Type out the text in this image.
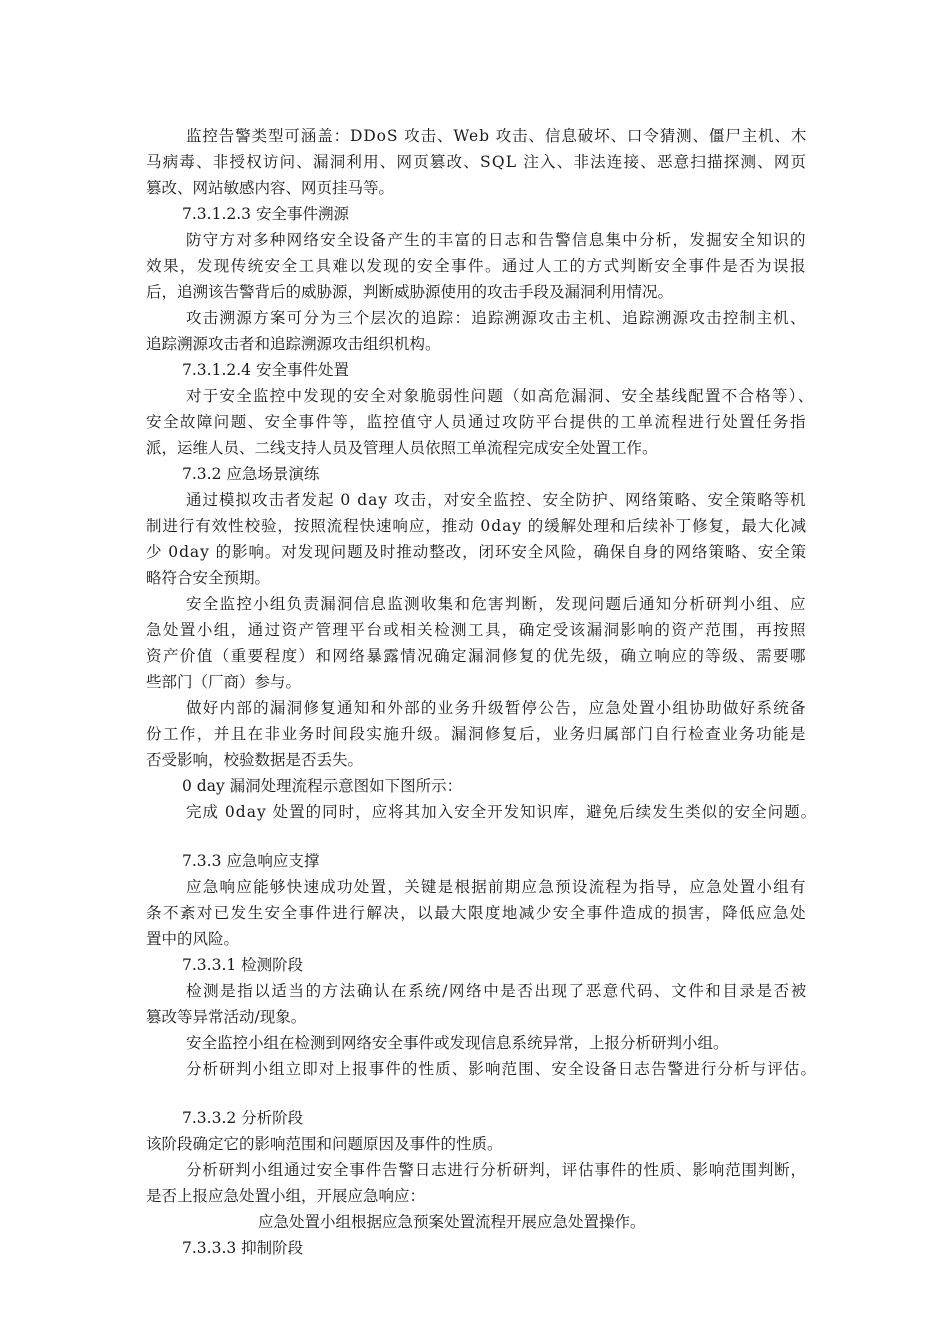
监控告警类型可涵盖：DDoS 攻击、Web 攻击、信息破坏、口令猜测、僵尸主机、木
马病毒、非授权访问、漏洞利用、网页篡改、SQL 注入、非法连接、恶意扫描探测、网页
篡改、网站敏感内容、网页挂马等。
7.3.1.2.3 安全事件溯源
防守方对多种网络安全设备产生的丰富的日志和告警信息集中分析，发掘安全知识的
效果，发现传统安全工具难以发现的安全事件。通过人工的方式判断安全事件是否为误报
后，追溯该告警背后的威胁源，判断威胁源使用的攻击手段及漏洞利用情况。
攻击溯源方案可分为三个层次的追踪：追踪溯源攻击主机、追踪溯源攻击控制主机、
追踪溯源攻击者和追踪溯源攻击组织机构。
7.3.1.2.4 安全事件处置
对于安全监控中发现的安全对象脆弱性问题（如高危漏洞、安全基线配置不合格等）、
安全故障问题、安全事件等，监控值守人员通过攻防平台提供的工单流程进行处置任务指
派，运维人员、二线支持人员及管理人员依照工单流程完成安全处置工作。
7.3.2 应急场景演练
通过模拟攻击者发起 0 day 攻击，对安全监控、安全防护、网络策略、安全策略等机
制进行有效性校验，按照流程快速响应，推动 0day 的缓解处理和后续补丁修复，最大化减
少 0day 的影响。对发现问题及时推动整改，闭环安全风险，确保自身的网络策略、安全策
略符合安全预期。
安全监控小组负责漏洞信息监测收集和危害判断，发现问题后通知分析研判小组、应
急处置小组，通过资产管理平台或相关检测工具，确定受该漏洞影响的资产范围，再按照
资产价值（重要程度）和网络暴露情况确定漏洞修复的优先级，确立响应的等级、需要哪
些部门（厂商）参与。
做好内部的漏洞修复通知和外部的业务升级暂停公告，应急处置小组协助做好系统备
份工作，并且在非业务时间段实施升级。漏洞修复后，业务归属部门自行检查业务功能是
否受影响，校验数据是否丢失。
0 day 漏洞处理流程示意图如下图所示：
完成 0day 处置的同时，应将其加入安全开发知识库，避免后续发生类似的安全问题。
7.3.3 应急响应支撑
应急响应能够快速成功处置，关键是根据前期应急预设流程为指导，应急处置小组有
条不紊对已发生安全事件进行解决，以最大限度地减少安全事件造成的损害，降低应急处
置中的风险。
7.3.3.1 检测阶段
检测是指以适当的方法确认在系统/网络中是否出现了恶意代码、文件和目录是否被
篡改等异常活动/现象。
安全监控小组在检测到网络安全事件或发现信息系统异常，上报分析研判小组。
分析研判小组立即对上报事件的性质、影响范围、安全设备日志告警进行分析与评估。
7.3.3.2 分析阶段
该阶段确定它的影响范围和问题原因及事件的性质。
分析研判小组通过安全事件告警日志进行分析研判，评估事件的性质、影响范围判断，
是否上报应急处置小组，开展应急响应：
应急处置小组根据应急预案处置流程开展应急处置操作。
7.3.3.3 抑制阶段
